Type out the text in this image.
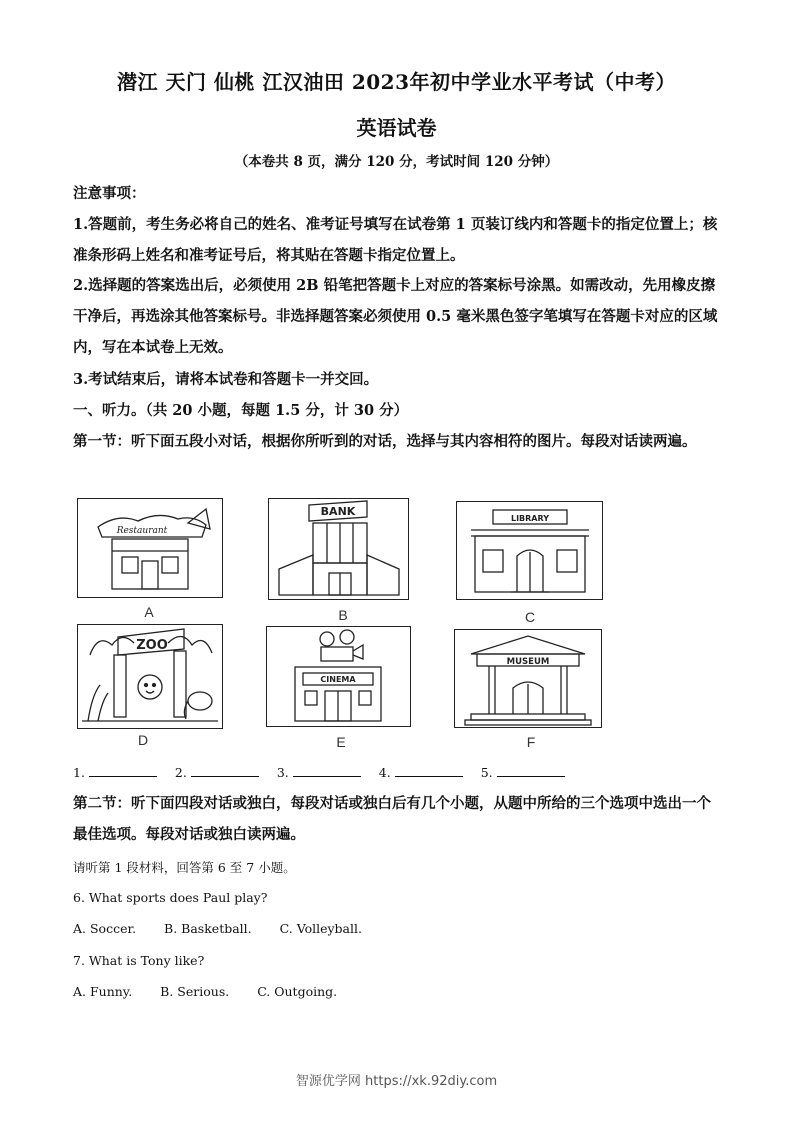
潜江 天门 仙桃 江汉油田 2023年初中学业水平考试（中考）
英语试卷
（本卷共 8 页，满分 120 分，考试时间 120 分钟）
注意事项：
1.答题前，考生务必将自己的姓名、准考证号填写在试卷第 1 页装订线内和答题卡的指定位置上；核准条形码上姓名和准考证号后，将其贴在答题卡指定位置上。
2.选择题的答案选出后，必须使用 2B 铅笔把答题卡上对应的答案标号涂黑。如需改动，先用橡皮擦干净后，再选涂其他答案标号。非选择题答案必须使用 0.5 毫米黑色签字笔填写在答题卡对应的区域内，写在本试卷上无效。
3.考试结束后，请将本试卷和答题卡一并交回。
一、听力。（共 20 小题，每题 1.5 分，计 30 分）
第一节：听下面五段小对话，根据你所听到的对话，选择与其内容相符的图片。每段对话读两遍。
Restaurant
A
BANK
B
LIBRARY
C
ZOO
D
CINEMA
E
MUSEUM
F
1.	2.	3.	4.	5.
第二节：听下面四段对话或独白，每段对话或独白后有几个小题，从题中所给的三个选项中选出一个最佳选项。每段对话或独白读两遍。
请听第 1 段材料，回答第 6 至 7 小题。
6. What sports does Paul play?
A. Soccer. B. Basketball. C. Volleyball.
7. What is Tony like?
A. Funny. B. Serious. C. Outgoing.
智源优学网 https://xk.92diy.com
